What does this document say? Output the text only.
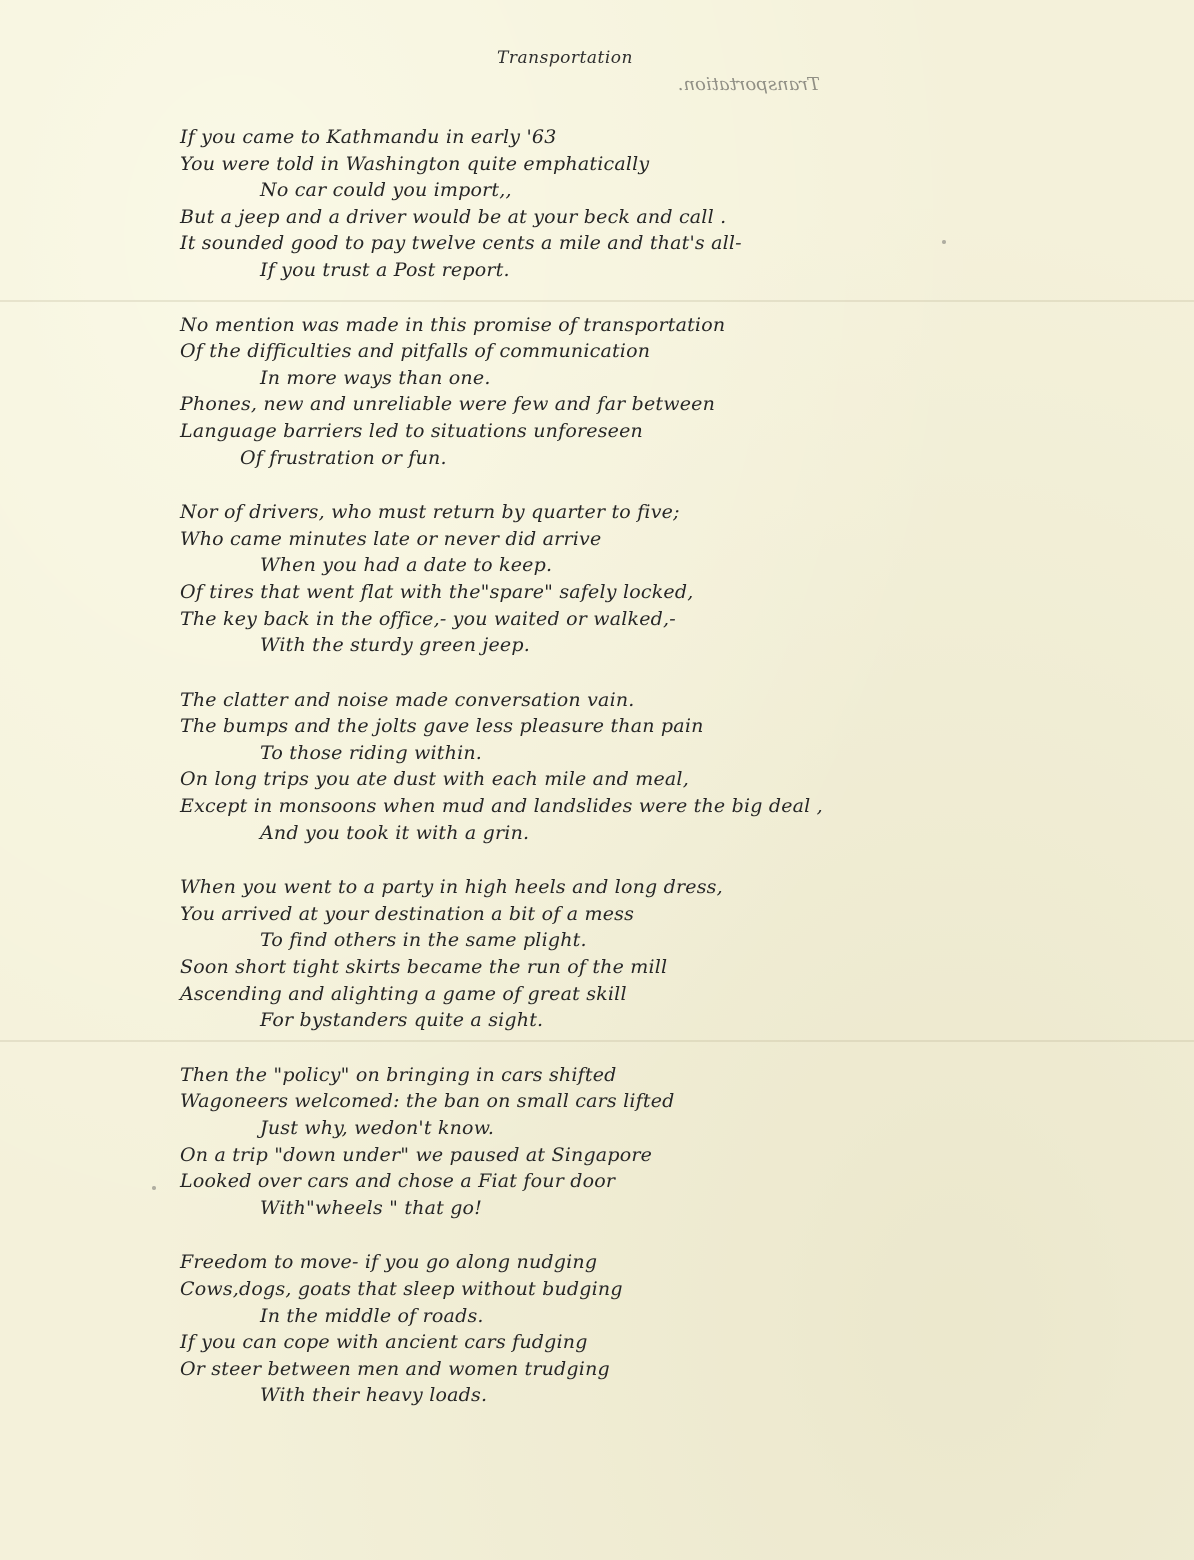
Transportation
Transportation.
If you came to Kathmandu in early '63
You were told in Washington quite emphatically
No car could you import,,
But a jeep and a driver would be at your beck and call .
It sounded good to pay twelve cents a mile and that's all-
If you trust a Post report.
No mention was made in this promise of transportation
Of the difficulties and pitfalls of communication
In more ways than one.
Phones, new and unreliable were few and far between
Language barriers led to situations unforeseen
Of frustration or fun.
Nor of drivers, who must return by quarter to five;
Who came minutes late or never did arrive
When you had a date to keep.
Of tires that went flat with the"spare" safely locked,
The key back in the office,- you waited or walked,-
With the sturdy green jeep.
The clatter and noise made conversation vain.
The bumps and the jolts gave less pleasure than pain
To those riding within.
On long trips you ate dust with each mile and meal,
Except in monsoons when mud and landslides were the big deal ,
And you took it with a grin.
When you went to a party in high heels and long dress,
You arrived at your destination a bit of a mess
To find others in the same plight.
Soon short tight skirts became the run of the mill
Ascending and alighting a game of great skill
For bystanders quite a sight.
Then the "policy" on bringing in cars shifted
Wagoneers welcomed: the ban on small cars lifted
Just why, wedon't know.
On a trip "down under" we paused at Singapore
Looked over cars and chose a Fiat four door
With"wheels " that go!
Freedom to move- if you go along nudging
Cows,dogs, goats that sleep without budging
In the middle of roads.
If you can cope with ancient cars fudging
Or steer between men and women trudging
With their heavy loads.
